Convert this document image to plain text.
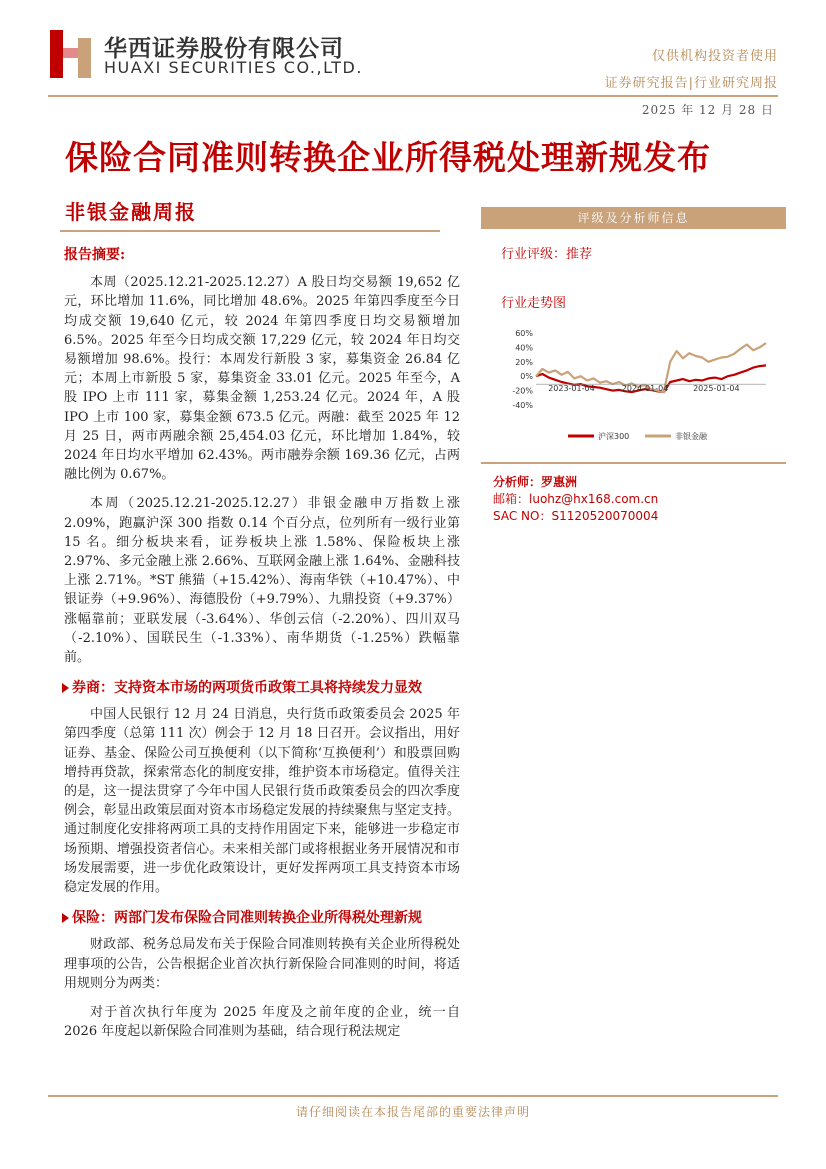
华西证券股份有限公司
HUAXI SECURITIES CO.,LTD.
仅供机构投资者使用
证券研究报告|行业研究周报
2025 年 12 月 28 日
保险合同准则转换企业所得税处理新规发布
非银金融周报
报告摘要:

本周（2025.12.21-2025.12.27）A 股日均交易额 19,652 亿元，环比增加 11.6%，同比增加 48.6%。2025 年第四季度至今日均成交额 19,640 亿元，较 2024 年第四季度日均交易额增加 6.5%。2025 年至今日均成交额 17,229 亿元，较 2024 年日均交易额增加 98.6%。投行：本周发行新股 3 家，募集资金 26.84 亿元；本周上市新股 5 家，募集资金 33.01 亿元。2025 年至今，A 股 IPO 上市 111 家，募集金额 1,253.24 亿元。2024 年，A 股 IPO 上市 100 家，募集金额 673.5 亿元。两融：截至 2025 年 12 月 25 日，两市两融余额 25,454.03 亿元，环比增加 1.84%，较 2024 年日均水平增加 62.43%。两市融券余额 169.36 亿元，占两融比例为 0.67%。

本周（2025.12.21-2025.12.27）非银金融申万指数上涨 2.09%，跑赢沪深 300 指数 0.14 个百分点，位列所有一级行业第 15 名。细分板块来看，证券板块上涨 1.58%、保险板块上涨 2.97%、多元金融上涨 2.66%、互联网金融上涨 1.64%、金融科技上涨 2.71%。*ST 熊猫（+15.42%）、海南华铁（+10.47%）、中银证券（+9.96%）、海德股份（+9.79%）、九鼎投资（+9.37%）涨幅靠前；亚联发展（-3.64%）、华创云信（-2.20%）、四川双马（-2.10%）、国联民生（-1.33%）、南华期货（-1.25%）跌幅靠前。

券商：支持资本市场的两项货币政策工具将持续发力显效

中国人民银行 12 月 24 日消息，央行货币政策委员会 2025 年第四季度（总第 111 次）例会于 12 月 18 日召开。会议指出，用好证券、基金、保险公司互换便利（以下简称‘互换便利’）和股票回购增持再贷款，探索常态化的制度安排，维护资本市场稳定。值得关注的是，这一提法贯穿了今年中国人民银行货币政策委员会的四次季度例会，彰显出政策层面对资本市场稳定发展的持续聚焦与坚定支持。通过制度化安排将两项工具的支持作用固定下来，能够进一步稳定市场预期、增强投资者信心。未来相关部门或将根据业务开展情况和市场发展需要，进一步优化政策设计，更好发挥两项工具支持资本市场稳定发展的作用。

保险：两部门发布保险合同准则转换企业所得税处理新规

财政部、税务总局发布关于保险合同准则转换有关企业所得税处理事项的公告，公告根据企业首次执行新保险合同准则的时间，将适用规则分为两类：

对于首次执行年度为 2025 年度及之前年度的企业，统一自 2026 年度起以新保险合同准则为基础，结合现行税法规定

评级及分析师信息
行业评级：推荐
行业走势图
分析师：罗惠洲
邮箱：luohz@hx168.com.cn
SAC NO：S1120520070004
60%
40%
20%
0%
-20%
-40%
2023-01-04	2024-01-04	2025-01-04
沪深300	非银金融
请仔细阅读在本报告尾部的重要法律声明
